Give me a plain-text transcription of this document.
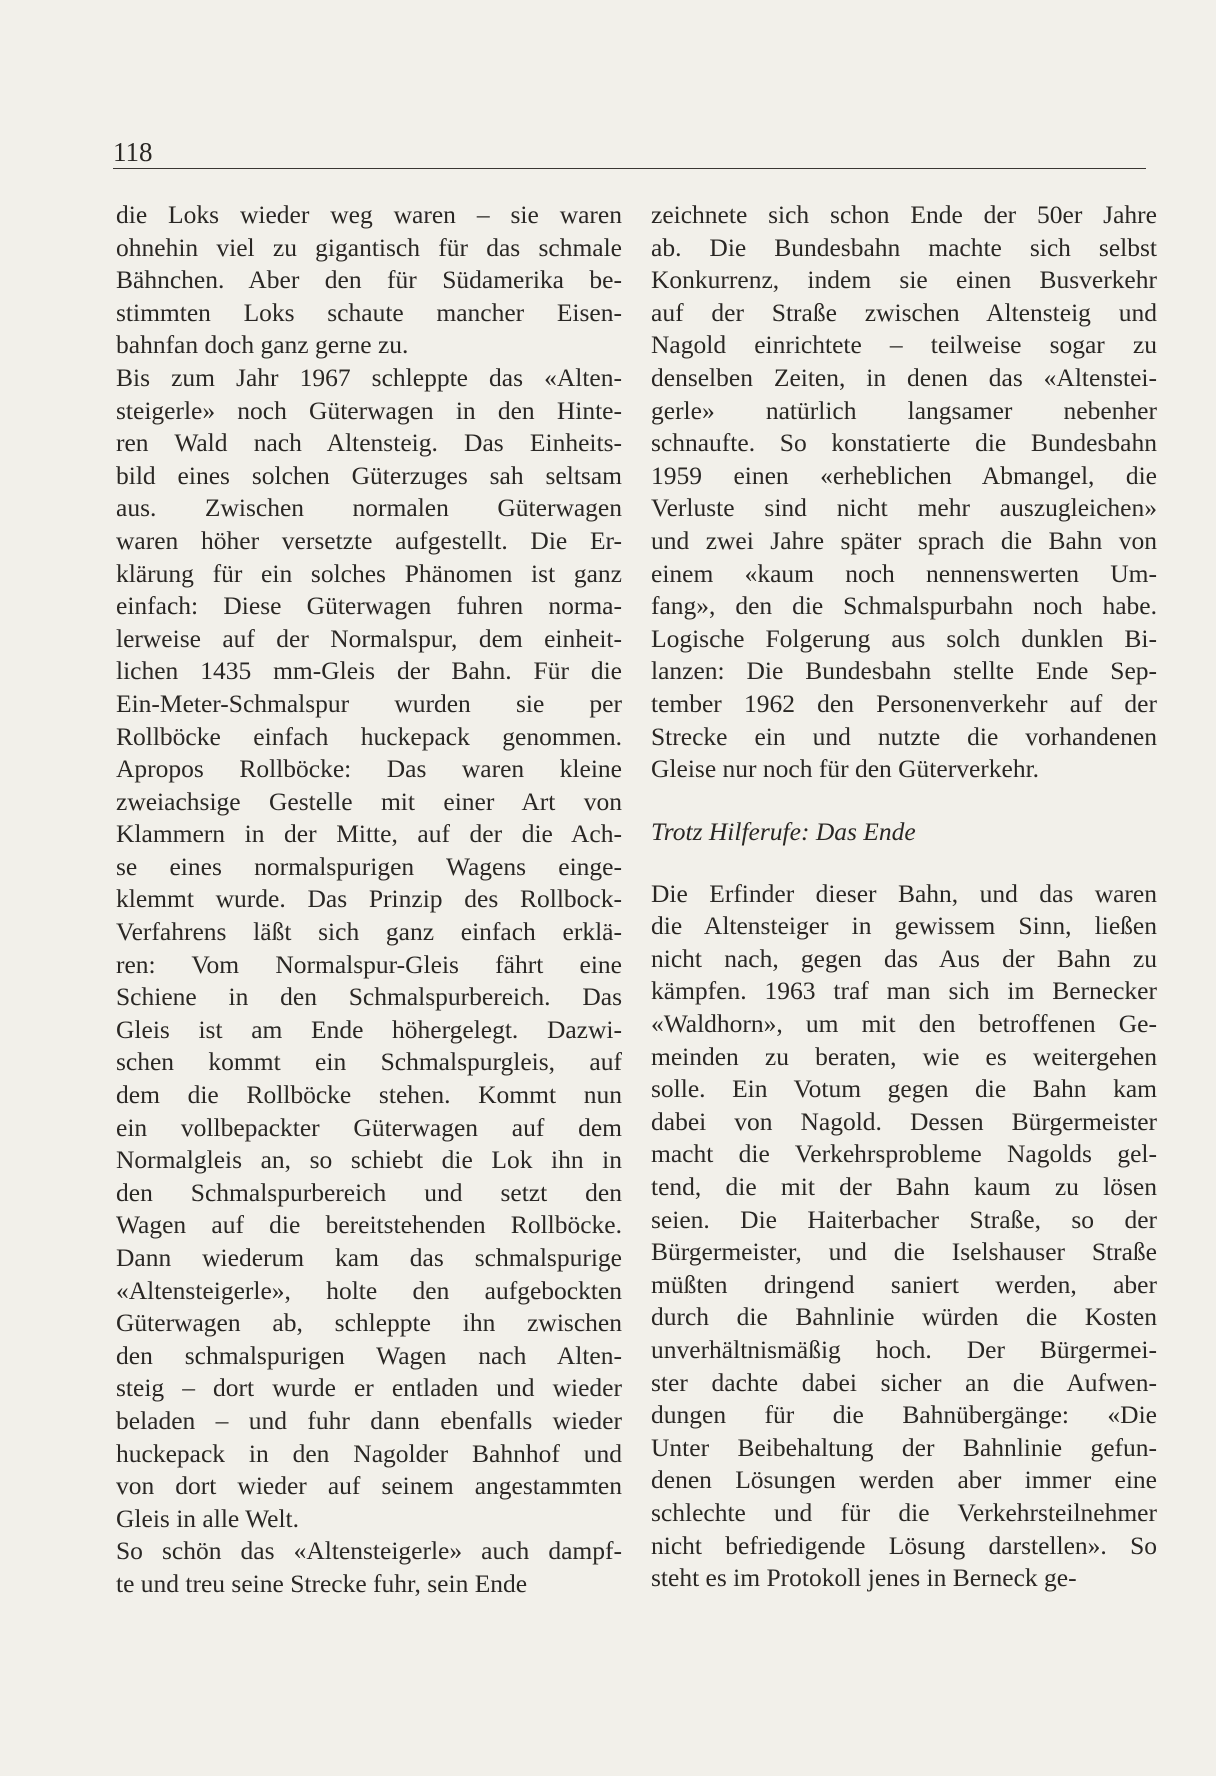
118
die Loks wieder weg waren – sie waren
ohnehin viel zu gigantisch für das schmale
Bähnchen. Aber den für Südamerika be-
stimmten Loks schaute mancher Eisen-
bahnfan doch ganz gerne zu.
Bis zum Jahr 1967 schleppte das «Alten-
steigerle» noch Güterwagen in den Hinte-
ren Wald nach Altensteig. Das Einheits-
bild eines solchen Güterzuges sah seltsam
aus. Zwischen normalen Güterwagen
waren höher versetzte aufgestellt. Die Er-
klärung für ein solches Phänomen ist ganz
einfach: Diese Güterwagen fuhren norma-
lerweise auf der Normalspur, dem einheit-
lichen 1435 mm-Gleis der Bahn. Für die
Ein-Meter-Schmalspur wurden sie per
Rollböcke einfach huckepack genommen.
Apropos Rollböcke: Das waren kleine
zweiachsige Gestelle mit einer Art von
Klammern in der Mitte, auf der die Ach-
se eines normalspurigen Wagens einge-
klemmt wurde. Das Prinzip des Rollbock-
Verfahrens läßt sich ganz einfach erklä-
ren: Vom Normalspur-Gleis fährt eine
Schiene in den Schmalspurbereich. Das
Gleis ist am Ende höhergelegt. Dazwi-
schen kommt ein Schmalspurgleis, auf
dem die Rollböcke stehen. Kommt nun
ein vollbepackter Güterwagen auf dem
Normalgleis an, so schiebt die Lok ihn in
den Schmalspurbereich und setzt den
Wagen auf die bereitstehenden Rollböcke.
Dann wiederum kam das schmalspurige
«Altensteigerle», holte den aufgebockten
Güterwagen ab, schleppte ihn zwischen
den schmalspurigen Wagen nach Alten-
steig – dort wurde er entladen und wieder
beladen – und fuhr dann ebenfalls wieder
huckepack in den Nagolder Bahnhof und
von dort wieder auf seinem angestammten
Gleis in alle Welt.
So schön das «Altensteigerle» auch dampf-
te und treu seine Strecke fuhr, sein Ende
zeichnete sich schon Ende der 50er Jahre
ab. Die Bundesbahn machte sich selbst
Konkurrenz, indem sie einen Busverkehr
auf der Straße zwischen Altensteig und
Nagold einrichtete – teilweise sogar zu
denselben Zeiten, in denen das «Altenstei-
gerle» natürlich langsamer nebenher
schnaufte. So konstatierte die Bundesbahn
1959 einen «erheblichen Abmangel, die
Verluste sind nicht mehr auszugleichen»
und zwei Jahre später sprach die Bahn von
einem «kaum noch nennenswerten Um-
fang», den die Schmalspurbahn noch habe.
Logische Folgerung aus solch dunklen Bi-
lanzen: Die Bundesbahn stellte Ende Sep-
tember 1962 den Personenverkehr auf der
Strecke ein und nutzte die vorhandenen
Gleise nur noch für den Güterverkehr.
Trotz Hilferufe: Das Ende
Die Erfinder dieser Bahn, und das waren
die Altensteiger in gewissem Sinn, ließen
nicht nach, gegen das Aus der Bahn zu
kämpfen. 1963 traf man sich im Bernecker
«Waldhorn», um mit den betroffenen Ge-
meinden zu beraten, wie es weitergehen
solle. Ein Votum gegen die Bahn kam
dabei von Nagold. Dessen Bürgermeister
macht die Verkehrsprobleme Nagolds gel-
tend, die mit der Bahn kaum zu lösen
seien. Die Haiterbacher Straße, so der
Bürgermeister, und die Iselshauser Straße
müßten dringend saniert werden, aber
durch die Bahnlinie würden die Kosten
unverhältnismäßig hoch. Der Bürgermei-
ster dachte dabei sicher an die Aufwen-
dungen für die Bahnübergänge: «Die
Unter Beibehaltung der Bahnlinie gefun-
denen Lösungen werden aber immer eine
schlechte und für die Verkehrsteilnehmer
nicht befriedigende Lösung darstellen». So
steht es im Protokoll jenes in Berneck ge-
